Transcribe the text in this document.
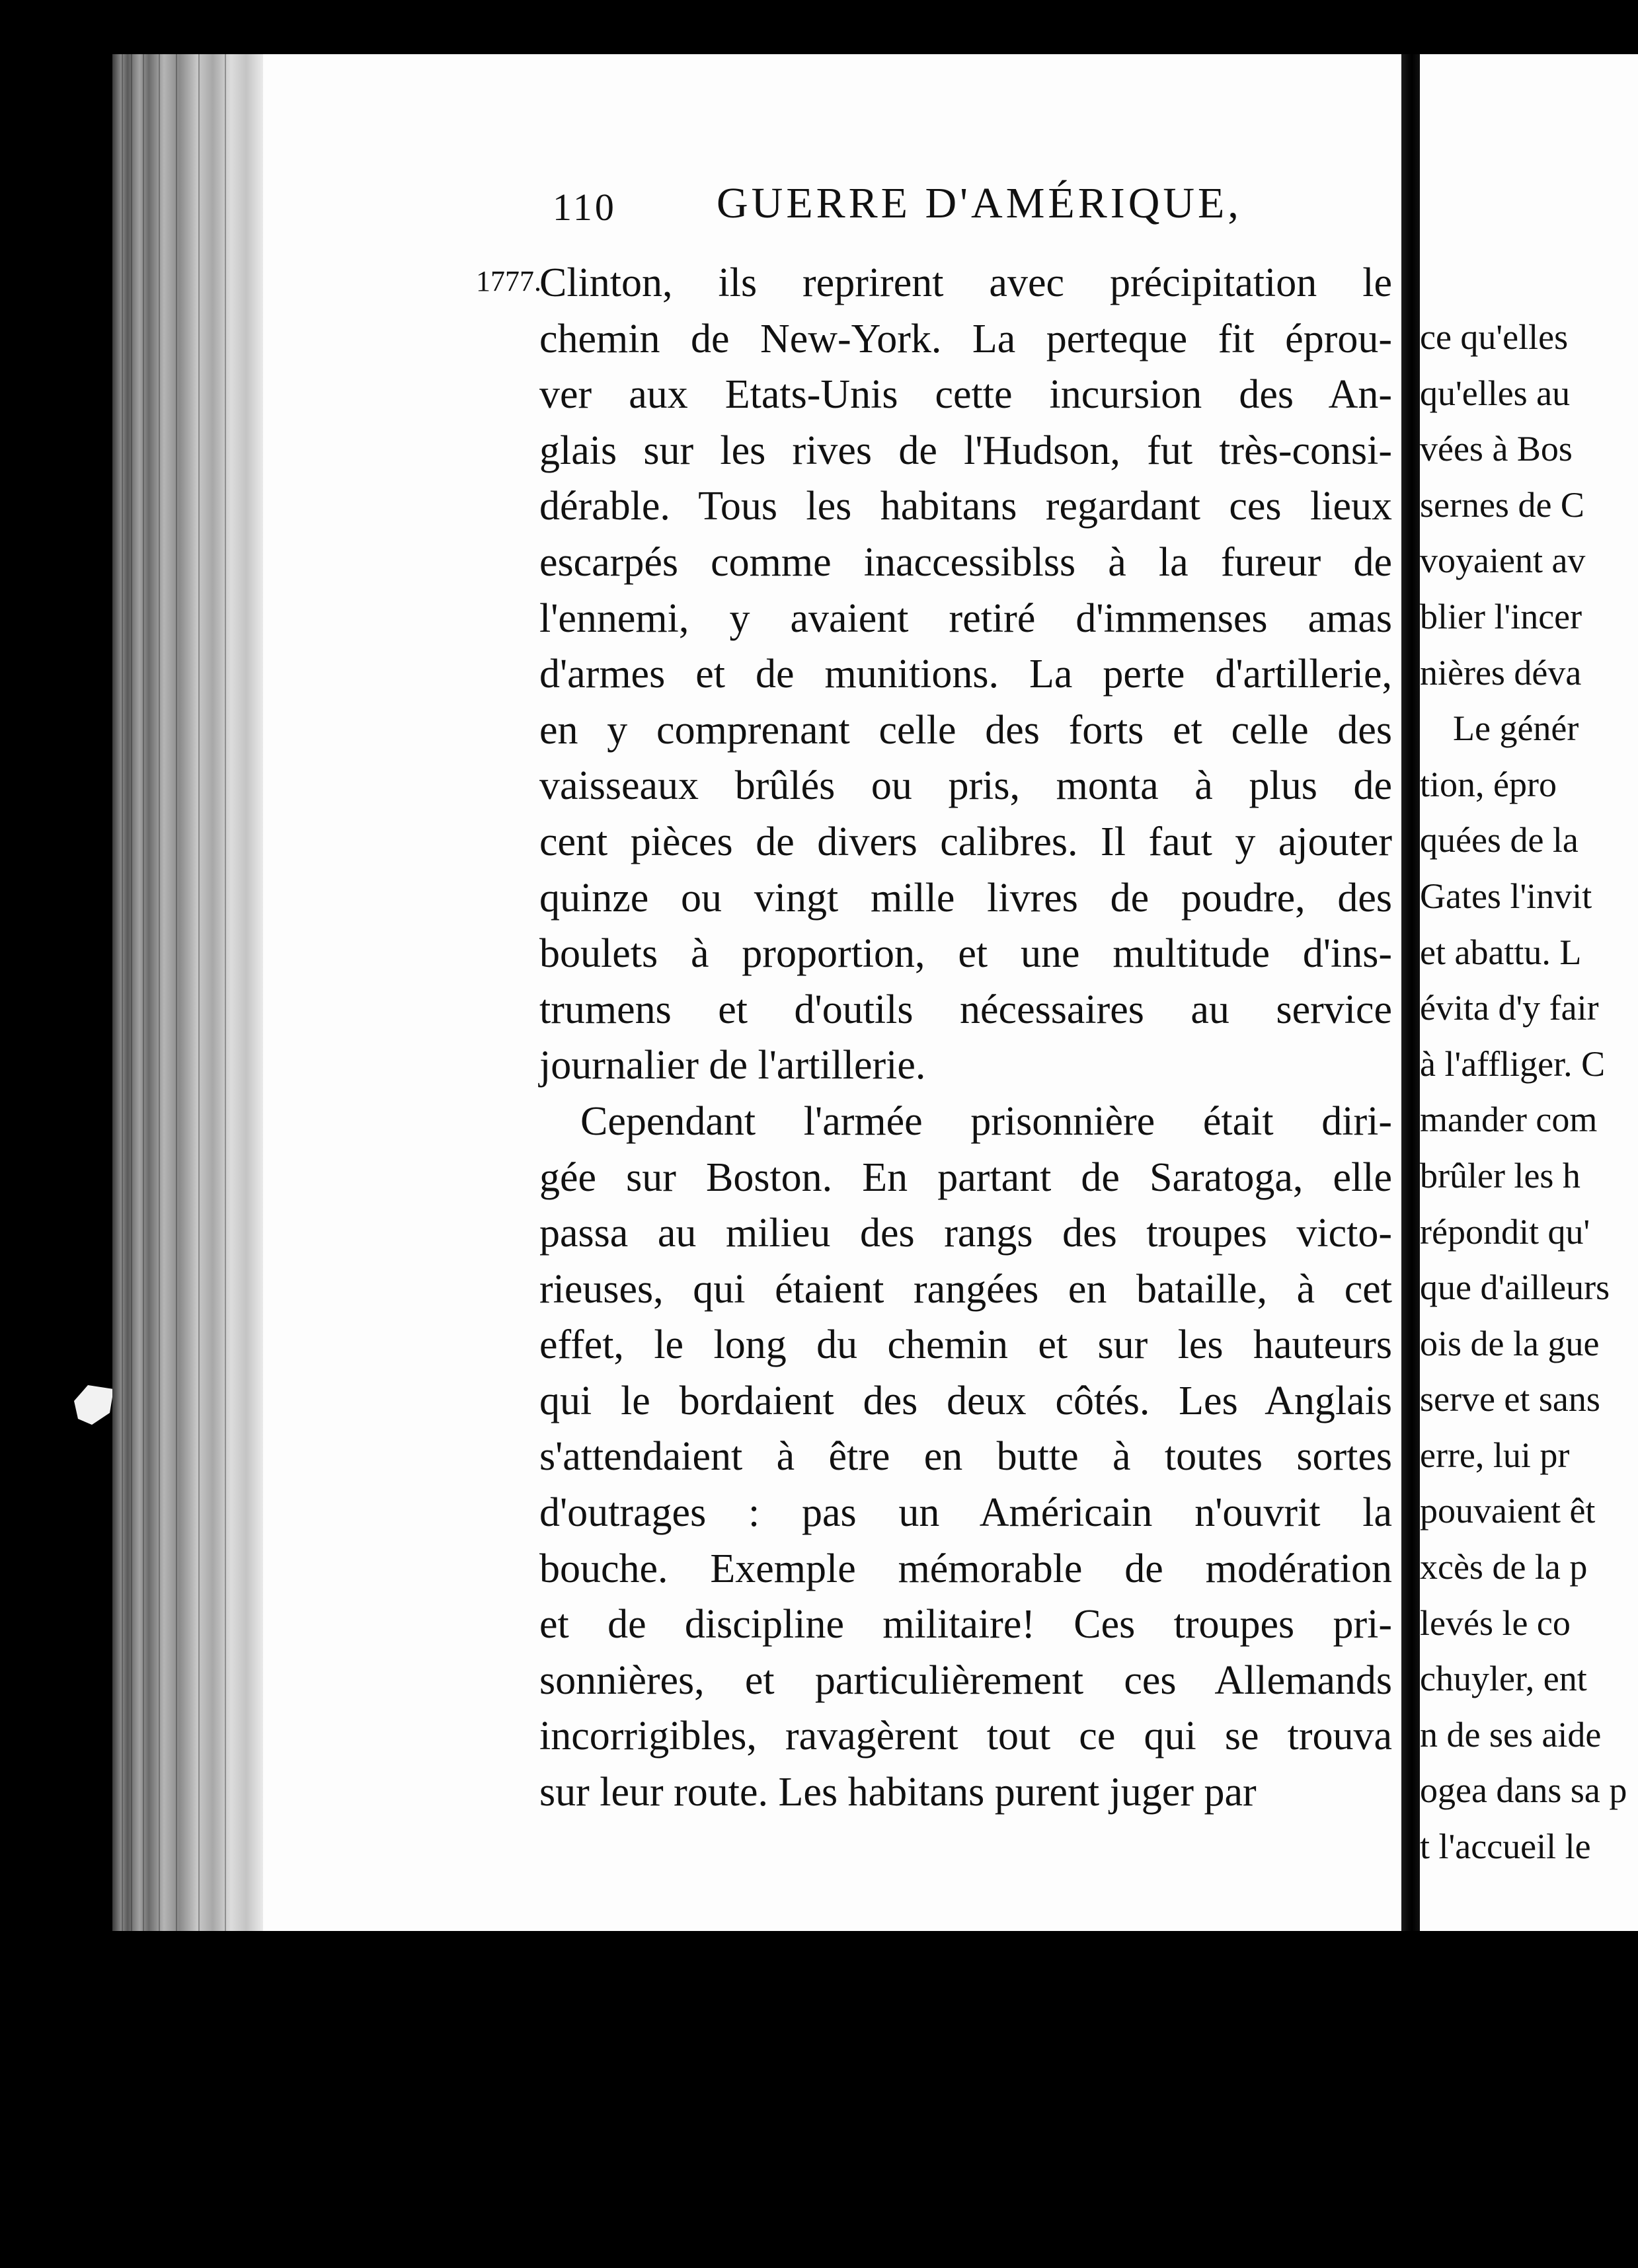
ce qu'elles
qu'elles au
vées à Bos
sernes de C
voyaient av
blier l'incer
nières déva
Le génér
tion, épro
quées de la
Gates l'invit
et abattu. L
évita d'y fair
à l'affliger. C
mander com
brûler les h
répondit qu'
que d'ailleurs
ois de la gue
serve et sans
erre, lui pr
pouvaient êt
xcès de la p
levés le co
chuyler, ent
n de ses aide
ogea dans sa p
t l'accueil le
110 GUERRE D'AMÉRIQUE,
1777.
Clinton, ils reprirent avec précipitation le
chemin de New-York. La perteque fit éprou-
ver aux Etats-Unis cette incursion des An-
glais sur les rives de l'Hudson, fut très-consi-
dérable. Tous les habitans regardant ces lieux
escarpés comme inaccessiblss à la fureur de
l'ennemi, y avaient retiré d'immenses amas
d'armes et de munitions. La perte d'artillerie,
en y comprenant celle des forts et celle des
vaisseaux brûlés ou pris, monta à plus de
cent pièces de divers calibres. Il faut y ajouter
quinze ou vingt mille livres de poudre, des
boulets à proportion, et une multitude d'ins-
trumens et d'outils nécessaires au service
journalier de l'artillerie.
Cependant l'armée prisonnière était diri-
gée sur Boston. En partant de Saratoga, elle
passa au milieu des rangs des troupes victo-
rieuses, qui étaient rangées en bataille, à cet
effet, le long du chemin et sur les hauteurs
qui le bordaient des deux côtés. Les Anglais
s'attendaient à être en butte à toutes sortes
d'outrages : pas un Américain n'ouvrit la
bouche. Exemple mémorable de modération
et de discipline militaire! Ces troupes pri-
sonnières, et particulièrement ces Allemands
incorrigibles, ravagèrent tout ce qui se trouva
sur leur route. Les habitans purent juger par
